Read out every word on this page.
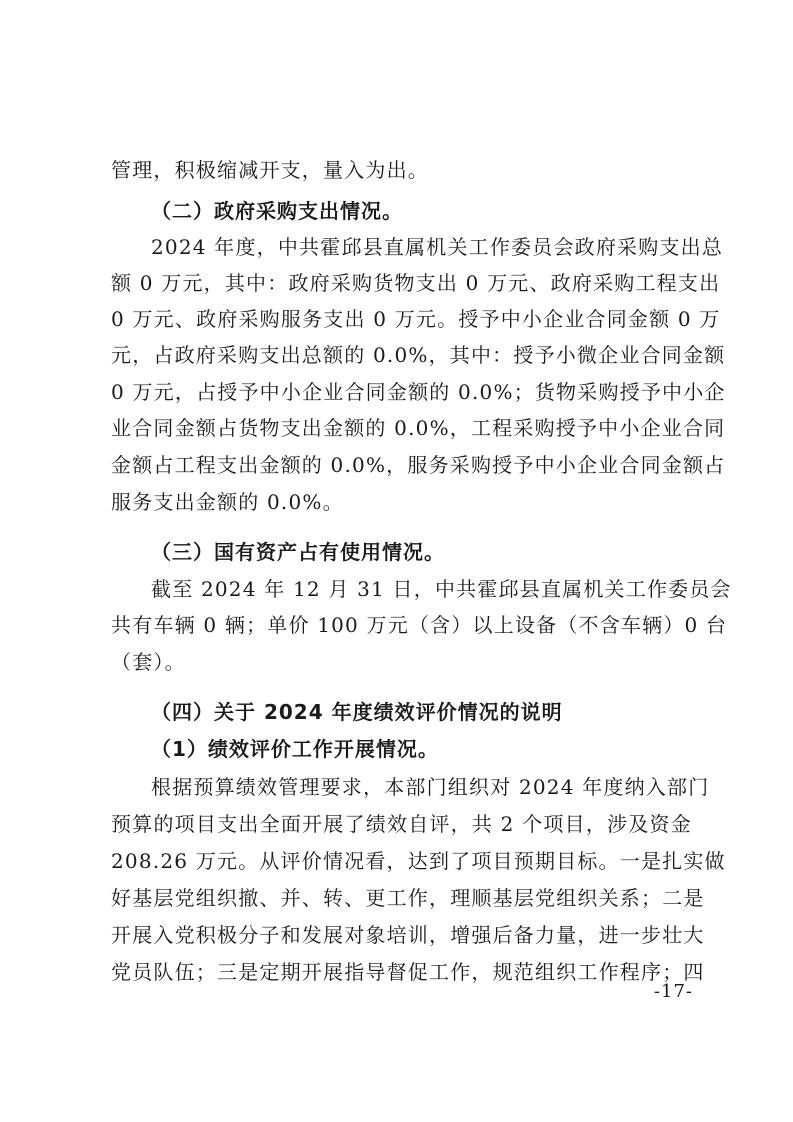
管理，积极缩减开支，量入为出。
（二）政府采购支出情况。
2024 年度，中共霍邱县直属机关工作委员会政府采购支出总
额 0 万元，其中：政府采购货物支出 0 万元、政府采购工程支出
0 万元、政府采购服务支出 0 万元。授予中小企业合同金额 0 万
元，占政府采购支出总额的 0.0%，其中：授予小微企业合同金额
0 万元，占授予中小企业合同金额的 0.0%；货物采购授予中小企
业合同金额占货物支出金额的 0.0%，工程采购授予中小企业合同
金额占工程支出金额的 0.0%，服务采购授予中小企业合同金额占
服务支出金额的 0.0%。
（三）国有资产占有使用情况。
截至 2024 年 12 月 31 日，中共霍邱县直属机关工作委员会
共有车辆 0 辆；单价 100 万元（含）以上设备（不含车辆）0 台
（套）。
（四）关于 2024 年度绩效评价情况的说明
（1）绩效评价工作开展情况。
根据预算绩效管理要求，本部门组织对 2024 年度纳入部门
预算的项目支出全面开展了绩效自评，共 2 个项目，涉及资金
208.26 万元。从评价情况看，达到了项目预期目标。一是扎实做
好基层党组织撤、并、转、更工作，理顺基层党组织关系；二是
开展入党积极分子和发展对象培训，增强后备力量，进一步壮大
党员队伍；三是定期开展指导督促工作，规范组织工作程序；四
-17-
